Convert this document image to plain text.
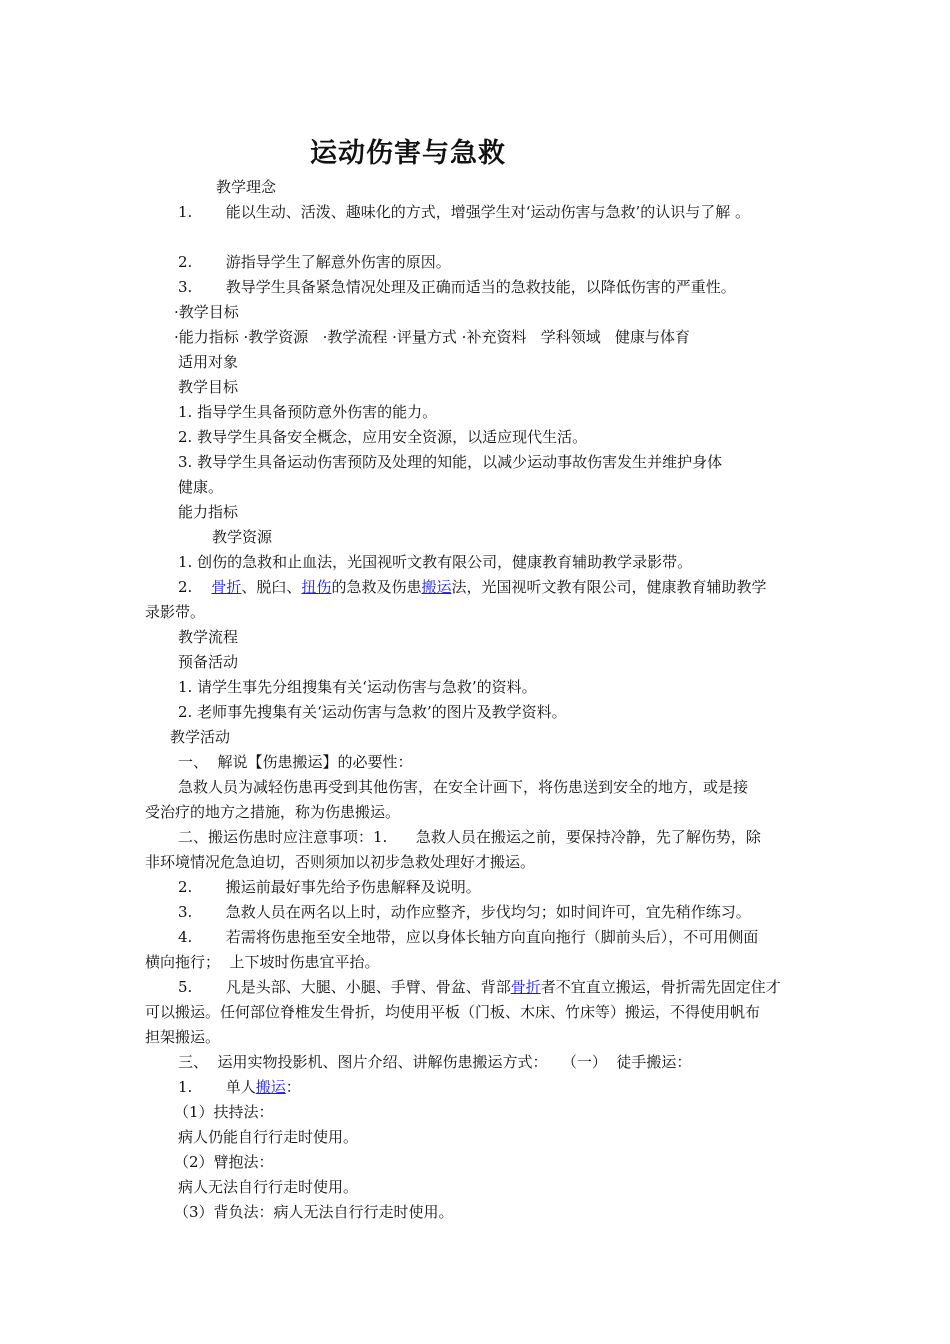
运动伤害与急救
教学理念
1.       能以生动、活泼、趣味化的方式，增强学生对‘运动伤害与急救’的认识与了解 。
2.       游指导学生了解意外伤害的原因。
3.       教导学生具备紧急情况处理及正确而适当的急救技能，以降低伤害的严重性。
·教学目标
·能力指标 ·教学资源   ·教学流程 ·评量方式 ·补充资料   学科领域   健康与体育
适用对象
教学目标
1. 指导学生具备预防意外伤害的能力。
2. 教导学生具备安全概念，应用安全资源，以适应现代生活。
3. 教导学生具备运动伤害预防及处理的知能，以减少运动事故伤害发生并维护身体
健康。
能力指标
教学资源
1. 创伤的急救和止血法，光国视听文教有限公司，健康教育辅助教学录影带。
2.    骨折、脱臼、扭伤的急救及伤患搬运法，光国视听文教有限公司，健康教育辅助教学
录影带。
教学流程
预备活动
1. 请学生事先分组搜集有关‘运动伤害与急救’的资料。
2. 老师事先搜集有关‘运动伤害与急救’的图片及教学资料。
教学活动
一、  解说【伤患搬运】的必要性：
急救人员为减轻伤患再受到其他伤害，在安全计画下，将伤患送到安全的地方，或是接
受治疗的地方之措施，称为伤患搬运。
二、搬运伤患时应注意事项：1.      急救人员在搬运之前，要保持冷静，先了解伤势，除
非环境情况危急迫切，否则须加以初步急救处理好才搬运。
2.       搬运前最好事先给予伤患解释及说明。
3.       急救人员在两名以上时，动作应整齐，步伐均匀；如时间许可，宜先稍作练习。
4.       若需将伤患拖至安全地带，应以身体长轴方向直向拖行（脚前头后），不可用侧面
横向拖行；  上下坡时伤患宜平抬。
5.       凡是头部、大腿、小腿、手臂、骨盆、背部骨折者不宜直立搬运，骨折需先固定住才
可以搬运。任何部位脊椎发生骨折，均使用平板（门板、木床、竹床等）搬运，不得使用帆布
担架搬运。
三、  运用实物投影机、图片介绍、讲解伤患搬运方式：   （一）  徒手搬运：
1.       单人搬运：
（1）扶持法：
病人仍能自行行走时使用。
（2）臂抱法：
病人无法自行行走时使用。
（3）背负法：病人无法自行行走时使用。
